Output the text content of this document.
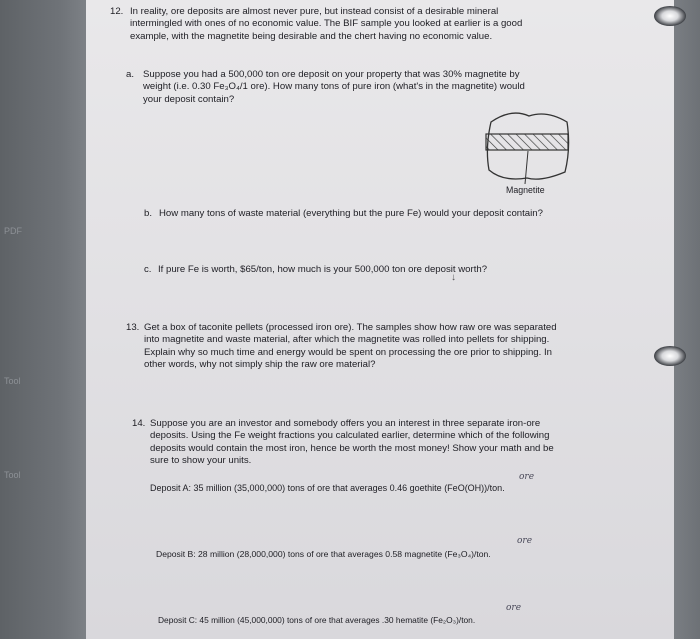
PDF
Tool
Tool

12. In reality, ore deposits are almost never pure, but instead consist of a desirable mineral

intermingled with ones of no economic value. The BIF sample you looked at earlier is a good

example, with the magnetite being desirable and the chert having no economic value.

a. Suppose you had a 500,000 ton ore deposit on your property that was 30% magnetite by

weight (i.e. 0.30 Fe₃O₄/1 ore). How many tons of pure iron (what's in the magnetite) would

your deposit contain?

Magnetite

b. How many tons of waste material (everything but the pure Fe) would your deposit contain?

c. If pure Fe is worth, $65/ton, how much is your 500,000 ton ore deposit worth?

↓

13. Get a box of taconite pellets (processed iron ore). The samples show how raw ore was separated

into magnetite and waste material, after which the magnetite was rolled into pellets for shipping.

Explain why so much time and energy would be spent on processing the ore prior to shipping. In

other words, why not simply ship the raw ore material?

14. Suppose you are an investor and somebody offers you an interest in three separate iron-ore

deposits. Using the Fe weight fractions you calculated earlier, determine which of the following

deposits would contain the most iron, hence be worth the most money! Show your math and be

sure to show your units.

Deposit A: 35 million (35,000,000) tons of ore that averages 0.46 goethite (FeO(OH))/ton.
ore
Deposit B: 28 million (28,000,000) tons of ore that averages 0.58 magnetite (Fe₃O₄)/ton.
ore
Deposit C: 45 million (45,000,000) tons of ore that averages .30 hematite (Fe₂O₃)/ton.
ore
